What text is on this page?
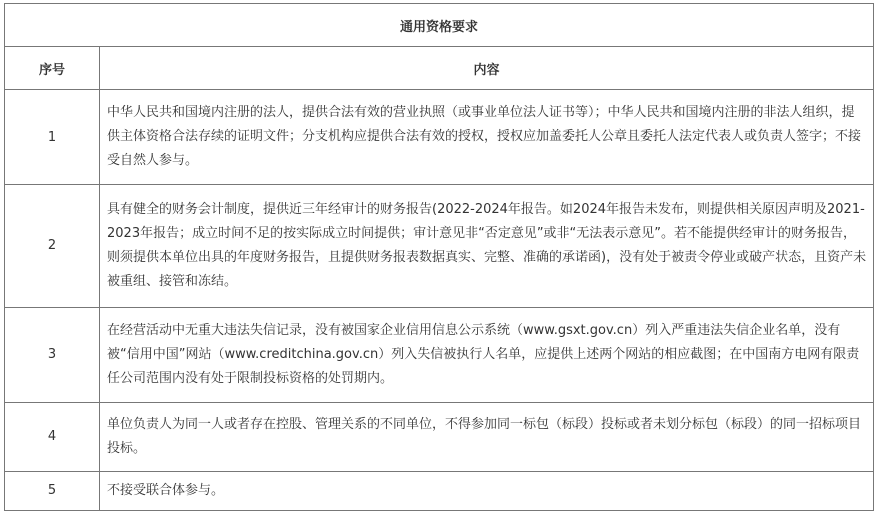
通用资格要求	
序号	内容
1	中华人民共和国境内注册的法人，提供合法有效的营业执照（或事业单位法人证书等）；中华人民共和国境内注册的非法人组织，提供主体资格合法存续的证明文件；分支机构应提供合法有效的授权，授权应加盖委托人公章且委托人法定代表人或负责人签字；不接受自然人参与。
2	具有健全的财务会计制度，提供近三年经审计的财务报告(2022-2024年报告。如2024年报告未发布，则提供相关原因声明及2021-2023年报告；成立时间不足的按实际成立时间提供；审计意见非“否定意见”或非“无法表示意见”。若不能提供经审计的财务报告，则须提供本单位出具的年度财务报告，且提供财务报表数据真实、完整、准确的承诺函)，没有处于被责令停业或破产状态，且资产未被重组、接管和冻结。
3	在经营活动中无重大违法失信记录，没有被国家企业信用信息公示系统（www.gsxt.gov.cn）列入严重违法失信企业名单，没有被“信用中国”网站（www.creditchina.gov.cn）列入失信被执行人名单，应提供上述两个网站的相应截图；在中国南方电网有限责任公司范围内没有处于限制投标资格的处罚期内。
4	单位负责人为同一人或者存在控股、管理关系的不同单位，不得参加同一标包（标段）投标或者未划分标包（标段）的同一招标项目投标。
5	不接受联合体参与。
